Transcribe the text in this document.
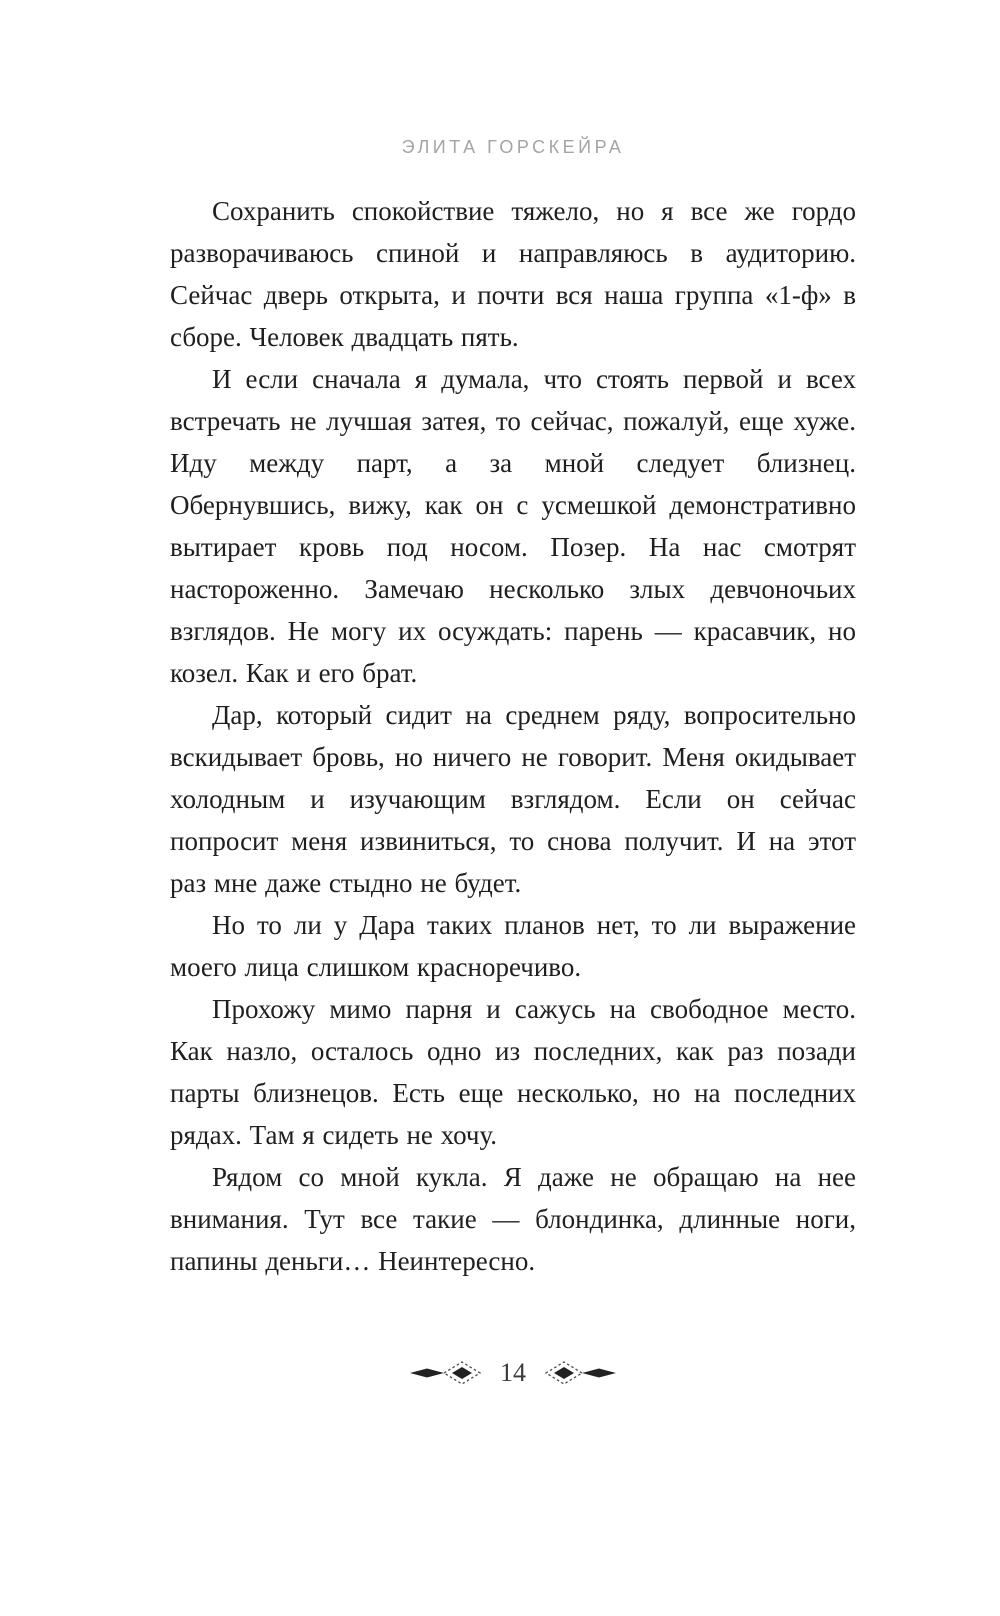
ЭЛИТА ГОРСКЕЙРА

Сохранить спокойствие тяжело, но я все же гордо разворачиваюсь спиной и направляюсь в аудиторию. Сейчас дверь открыта, и почти вся наша группа «1-ф» в сборе. Человек двадцать пять.

И если сначала я думала, что стоять первой и всех встречать не лучшая затея, то сейчас, пожалуй, еще хуже. Иду между парт, а за мной следует близнец. Обернувшись, вижу, как он с усмешкой демонстративно вытирает кровь под носом. Позер. На нас смотрят настороженно. Замечаю несколько злых девчоночьих взглядов. Не могу их осуждать: парень — красавчик, но козел. Как и его брат.

Дар, который сидит на среднем ряду, вопросительно вскидывает бровь, но ничего не говорит. Меня окидывает холодным и изучающим взглядом. Если он сейчас попросит меня извиниться, то снова получит. И на этот раз мне даже стыдно не будет.

Но то ли у Дара таких планов нет, то ли выражение моего лица слишком красноречиво.

Прохожу мимо парня и сажусь на свободное место. Как назло, осталось одно из последних, как раз позади парты близнецов. Есть еще несколько, но на последних рядах. Там я сидеть не хочу.

Рядом со мной кукла. Я даже не обращаю на нее внимания. Тут все такие — блондинка, длинные ноги, папины деньги… Неинтересно.

14
